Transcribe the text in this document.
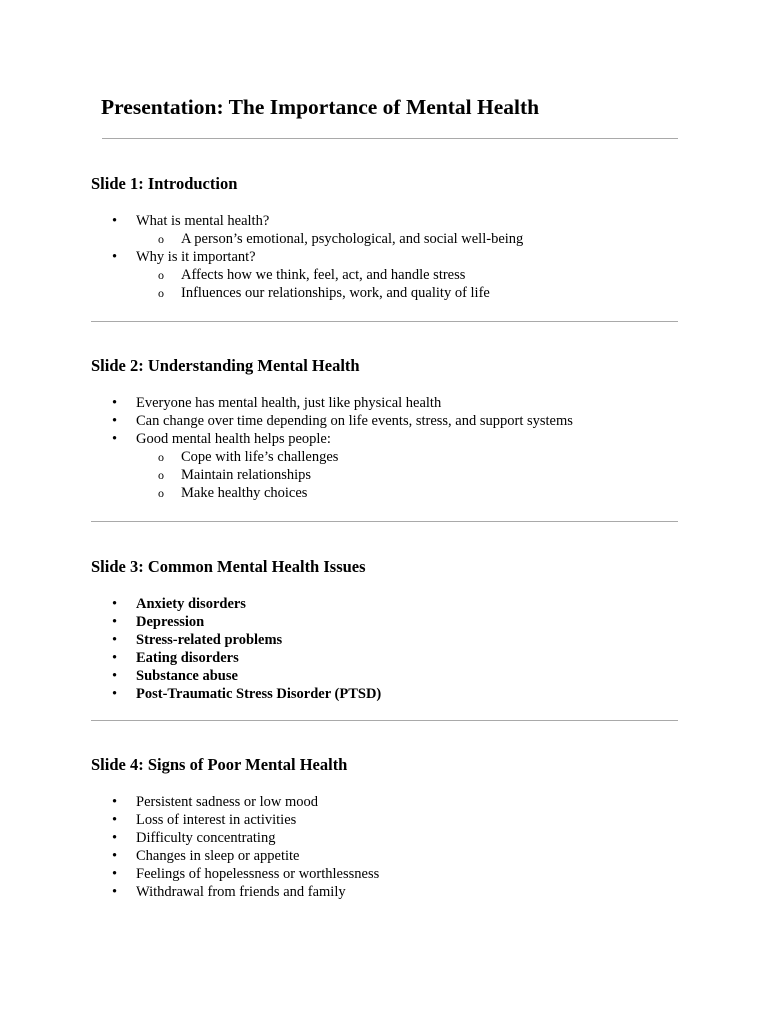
Presentation: The Importance of Mental Health
Slide 1: Introduction
• What is mental health?
o A person’s emotional, psychological, and social well-being
• Why is it important?
o Affects how we think, feel, act, and handle stress
o Influences our relationships, work, and quality of life
Slide 2: Understanding Mental Health
• Everyone has mental health, just like physical health
• Can change over time depending on life events, stress, and support systems
• Good mental health helps people:
o Cope with life’s challenges
o Maintain relationships
o Make healthy choices
Slide 3: Common Mental Health Issues
• Anxiety disorders
• Depression
• Stress-related problems
• Eating disorders
• Substance abuse
• Post-Traumatic Stress Disorder (PTSD)
Slide 4: Signs of Poor Mental Health
• Persistent sadness or low mood
• Loss of interest in activities
• Difficulty concentrating
• Changes in sleep or appetite
• Feelings of hopelessness or worthlessness
• Withdrawal from friends and family
